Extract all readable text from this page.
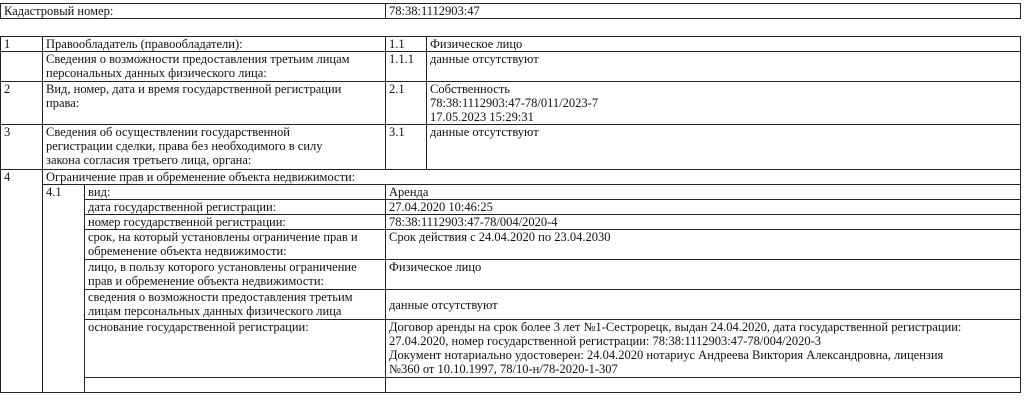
Кадастровый номер:	78:38:1112903:47
1	Правообладатель (правообладатели):		1.1	Физическое лицо
	Сведения о возможности предоставления третьим лицам
персональных данных физического лица:		1.1.1	данные отсутствуют
2	Вид, номер, дата и время государственной регистрации
права:		2.1	Собственность
78:38:1112903:47-78/011/2023-7
17.05.2023 15:29:31
3	Сведения об осуществлении государственной
регистрации сделки, права без необходимого в силу
закона согласия третьего лица, органа:		3.1	данные отсутствуют
4	Ограничение прав и обременение объекта недвижимости:			
	4.1	вид:	Аренда	
		дата государственной регистрации:	27.04.2020 10:46:25	
		номер государственной регистрации:	78:38:1112903:47-78/004/2020-4	
		срок, на который установлены ограничение прав и
обременение объекта недвижимости:	Срок действия с 24.04.2020 по 23.04.2030	
		лицо, в пользу которого установлены ограничение
прав и обременение объекта недвижимости:	Физическое лицо	
		сведения о возможности предоставления третьим
лицам персональных данных физического лица	данные отсутствуют	
		основание государственной регистрации:	Договор аренды на срок более 3 лет №1-Сестрорецк, выдан 24.04.2020, дата государственной регистрации:
27.04.2020, номер государственной регистрации: 78:38:1112903:47-78/004/2020-3
Документ нотариально удостоверен: 24.04.2020 нотариус Андреева Виктория Александровна, лицензия
№360 от 10.10.1997, 78/10-н/78-2020-1-307	
